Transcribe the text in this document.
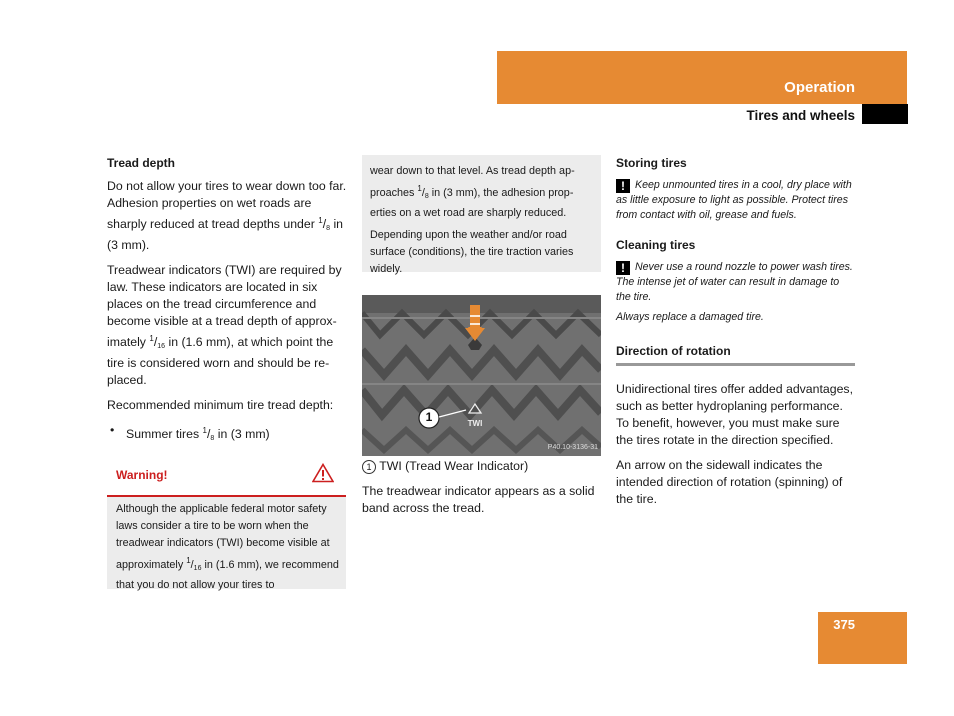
Operation
Tires and wheels
Tread depth

Do not allow your tires to wear down too far. Adhesion properties on wet roads are sharply reduced at tread depths under $^1/_8$ in (3 mm).

Treadwear indicators (TWI) are required by law. These indicators are located in six places on the tread circumference and become visible at a tread depth of approximately $^1/_{16}$ in (1.6 mm), at which point the tire is considered worn and should be replaced.

Recommended minimum tire tread depth:

• Summer tires $^1/_8$ in (3 mm)
•
Warning!
Although the applicable federal motor safety laws consider a tire to be worn when the treadwear indicators (TWI) become visible at approximately $^1/_{16}$ in (1.6 mm), we recommend that you do not allow your tires to

wear down to that level. As tread depth approaches $^1/_8$ in (3 mm), the adhesion properties on a wet road are sharply reduced.

Depending upon the weather and/or road surface (conditions), the tire traction varies widely.

1	TWI
P40.10-3136-31

1 TWI (Tread Wear Indicator)

The treadwear indicator appears as a solid band across the tread.

Storing tires

! Keep unmounted tires in a cool, dry place with as little exposure to light as possible. Protect tires from contact with oil, grease and fuels.

Cleaning tires

! Never use a round nozzle to power wash tires. The intense jet of water can result in damage to the tire.

Always replace a damaged tire.

Direction of rotation

Unidirectional tires offer added advantages, such as better hydroplaning performance. To benefit, however, you must make sure the tires rotate in the direction specified.

An arrow on the sidewall indicates the intended direction of rotation (spinning) of the tire.

375
